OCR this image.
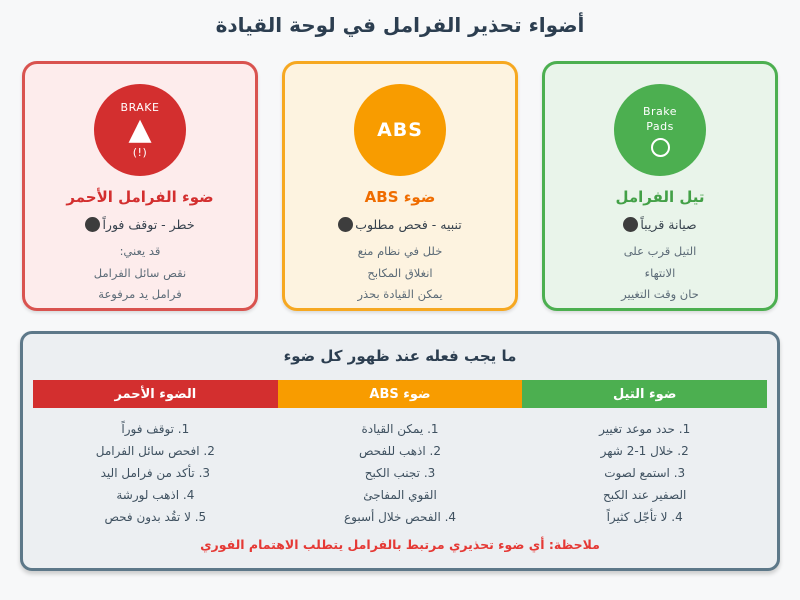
أضواء تحذير الفرامل في لوحة القيادة
BRAKE
▲
(!)
ضوء الفرامل الأحمر
خطر - توقف فوراً

قد يعني:

نقص سائل الفرامل

فرامل يد مرفوعة

ABS
ضوء ABS
تنبيه - فحص مطلوب

خلل في نظام منع

انغلاق المكابح

يمكن القيادة بحذر

Brake
Pads
تيل الفرامل
صيانة قريباً

التيل قرب على

الانتهاء

حان وقت التغيير

ما يجب فعله عند ظهور كل ضوء
الضوء الأحمر	ضوء ABS	ضوء التيل

1. توقف فوراً

2. افحص سائل الفرامل

3. تأكد من فرامل اليد

4. اذهب لورشة

5. لا تقُد بدون فحص

1. يمكن القيادة

2. اذهب للفحص

3. تجنب الكبح

القوي المفاجئ

4. الفحص خلال أسبوع

1. حدد موعد تغيير

2. خلال 1-2 شهر

3. استمع لصوت

الصفير عند الكبح

4. لا تأجّل كثيراً

ملاحظة: أي ضوء تحذيري مرتبط بالفرامل يتطلب الاهتمام الفوري
